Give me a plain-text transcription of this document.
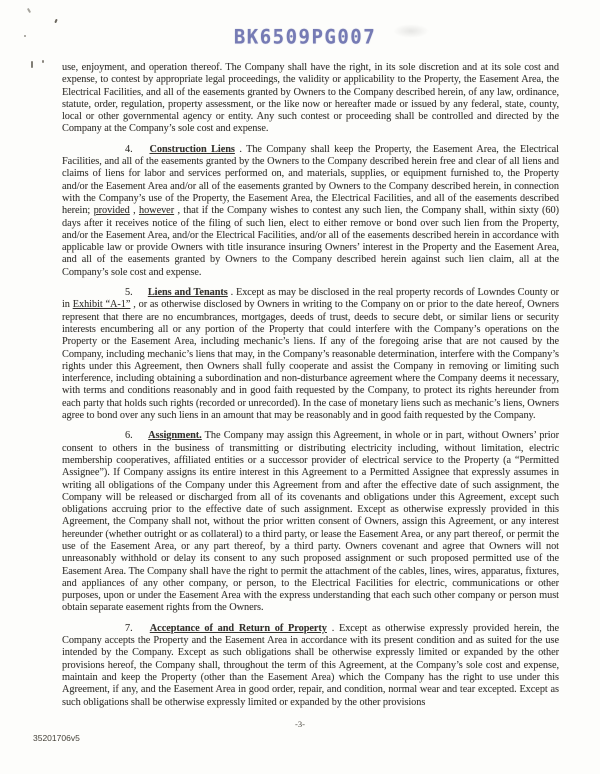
BK6509PG007

use, enjoyment, and operation thereof. The Company shall have the right, in its sole discretion and at its sole cost and expense, to contest by appropriate legal proceedings, the validity or applicability to the Property, the Easement Area, the Electrical Facilities, and all of the easements granted by Owners to the Company described herein, of any law, ordinance, statute, order, regulation, property assessment, or the like now or hereafter made or issued by any federal, state, county, local or other governmental agency or entity. Any such contest or proceeding shall be controlled and directed by the Company at the Company’s sole cost and expense.

4. Construction Liens . The Company shall keep the Property, the Easement Area, the Electrical Facilities, and all of the easements granted by the Owners to the Company described herein free and clear of all liens and claims of liens for labor and services performed on, and materials, supplies, or equipment furnished to, the Property and/or the Easement Area and/or all of the easements granted by Owners to the Company described herein, in connection with the Company’s use of the Property, the Easement Area, the Electrical Facilities, and all of the easements described herein; provided , however , that if the Company wishes to contest any such lien, the Company shall, within sixty (60) days after it receives notice of the filing of such lien, elect to either remove or bond over such lien from the Property, and/or the Easement Area, and/or the Electrical Facilities, and/or all of the easements described herein in accordance with applicable law or provide Owners with title insurance insuring Owners’ interest in the Property and the Easement Area, and all of the easements granted by Owners to the Company described herein against such lien claim, all at the Company’s sole cost and expense.

5. Liens and Tenants . Except as may be disclosed in the real property records of Lowndes County or in Exhibit “A-1” , or as otherwise disclosed by Owners in writing to the Company on or prior to the date hereof, Owners represent that there are no encumbrances, mortgages, deeds of trust, deeds to secure debt, or similar liens or security interests encumbering all or any portion of the Property that could interfere with the Company’s operations on the Property or the Easement Area, including mechanic’s liens. If any of the foregoing arise that are not caused by the Company, including mechanic’s liens that may, in the Company’s reasonable determination, interfere with the Company’s rights under this Agreement, then Owners shall fully cooperate and assist the Company in removing or limiting such interference, including obtaining a subordination and non-disturbance agreement where the Company deems it necessary, with terms and conditions reasonably and in good faith requested by the Company, to protect its rights hereunder from each party that holds such rights (recorded or unrecorded). In the case of monetary liens such as mechanic’s liens, Owners agree to bond over any such liens in an amount that may be reasonably and in good faith requested by the Company.

6. Assignment. The Company may assign this Agreement, in whole or in part, without Owners’ prior consent to others in the business of transmitting or distributing electricity including, without limitation, electric membership cooperatives, affiliated entities or a successor provider of electrical service to the Property (a “Permitted Assignee”). If Company assigns its entire interest in this Agreement to a Permitted Assignee that expressly assumes in writing all obligations of the Company under this Agreement from and after the effective date of such assignment, the Company will be released or discharged from all of its covenants and obligations under this Agreement, except such obligations accruing prior to the effective date of such assignment. Except as otherwise expressly provided in this Agreement, the Company shall not, without the prior written consent of Owners, assign this Agreement, or any interest hereunder (whether outright or as collateral) to a third party, or lease the Easement Area, or any part thereof, or permit the use of the Easement Area, or any part thereof, by a third party. Owners covenant and agree that Owners will not unreasonably withhold or delay its consent to any such proposed assignment or such proposed permitted use of the Easement Area. The Company shall have the right to permit the attachment of the cables, lines, wires, apparatus, fixtures, and appliances of any other company, or person, to the Electrical Facilities for electric, communications or other purposes, upon or under the Easement Area with the express understanding that each such other company or person must obtain separate easement rights from the Owners.

7. Acceptance of and Return of Property . Except as otherwise expressly provided herein, the Company accepts the Property and the Easement Area in accordance with its present condition and as suited for the use intended by the Company. Except as such obligations shall be otherwise expressly limited or expanded by the other provisions hereof, the Company shall, throughout the term of this Agreement, at the Company’s sole cost and expense, maintain and keep the Property (other than the Easement Area) which the Company has the right to use under this Agreement, if any, and the Easement Area in good order, repair, and condition, normal wear and tear excepted. Except as such obligations shall be otherwise expressly limited or expanded by the other provisions

-3-
35201706v5
